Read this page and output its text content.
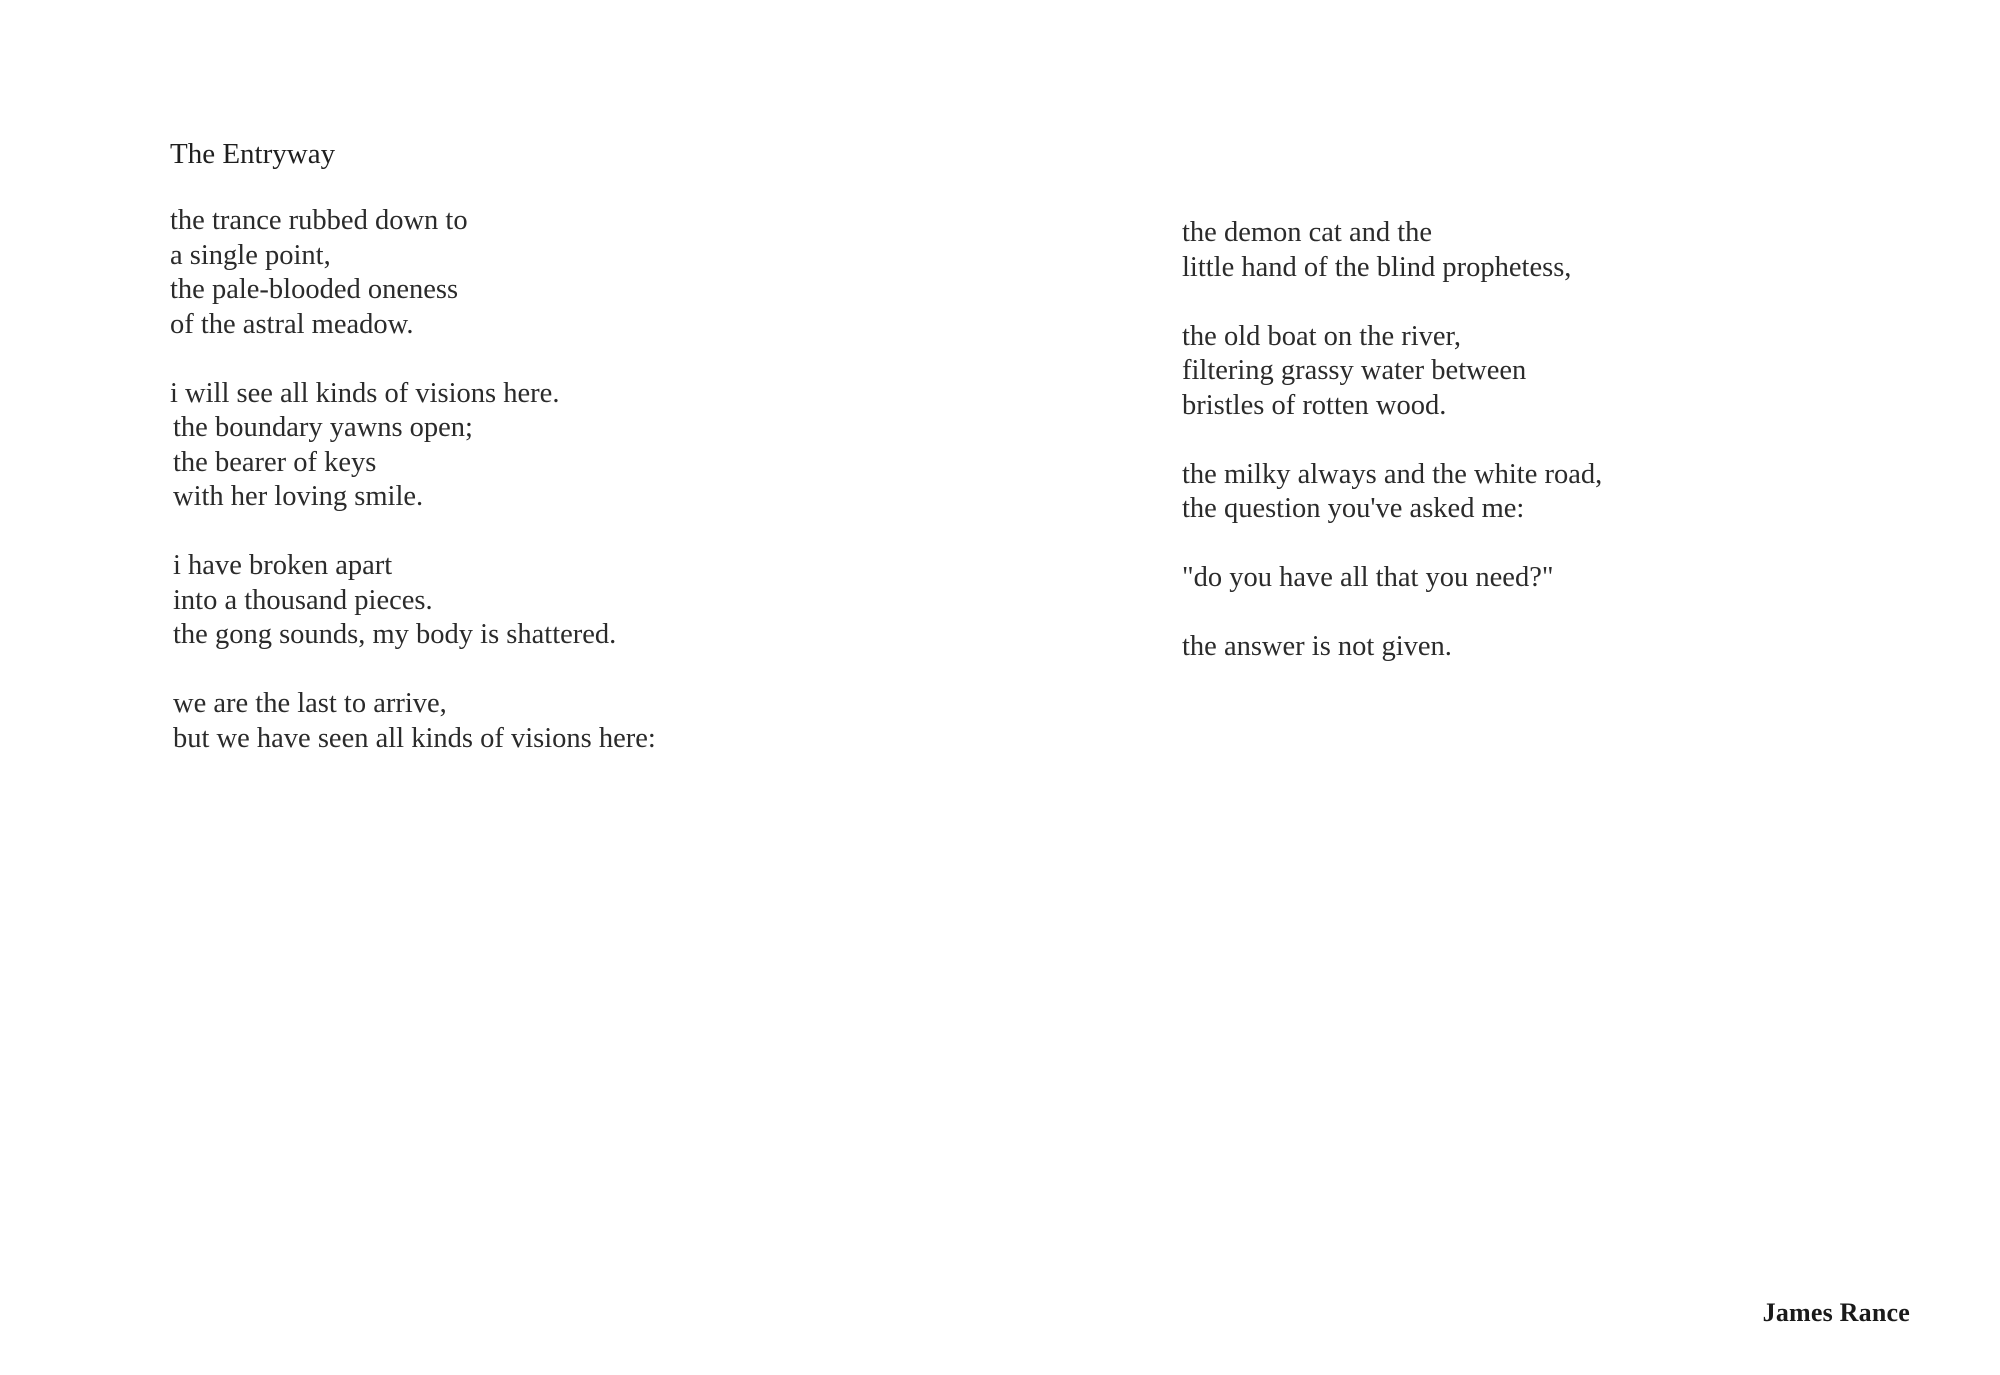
The Entryway
the trance rubbed down to
a single point,
the pale-blooded oneness
of the astral meadow.
i will see all kinds of visions here.
the boundary yawns open;
the bearer of keys
with her loving smile.
i have broken apart
into a thousand pieces.
the gong sounds, my body is shattered.
we are the last to arrive,
but we have seen all kinds of visions here:
the demon cat and the
little hand of the blind prophetess,
the old boat on the river,
filtering grassy water between
bristles of rotten wood.
the milky always and the white road,
the question you've asked me:
"do you have all that you need?"
the answer is not given.
James Rance
